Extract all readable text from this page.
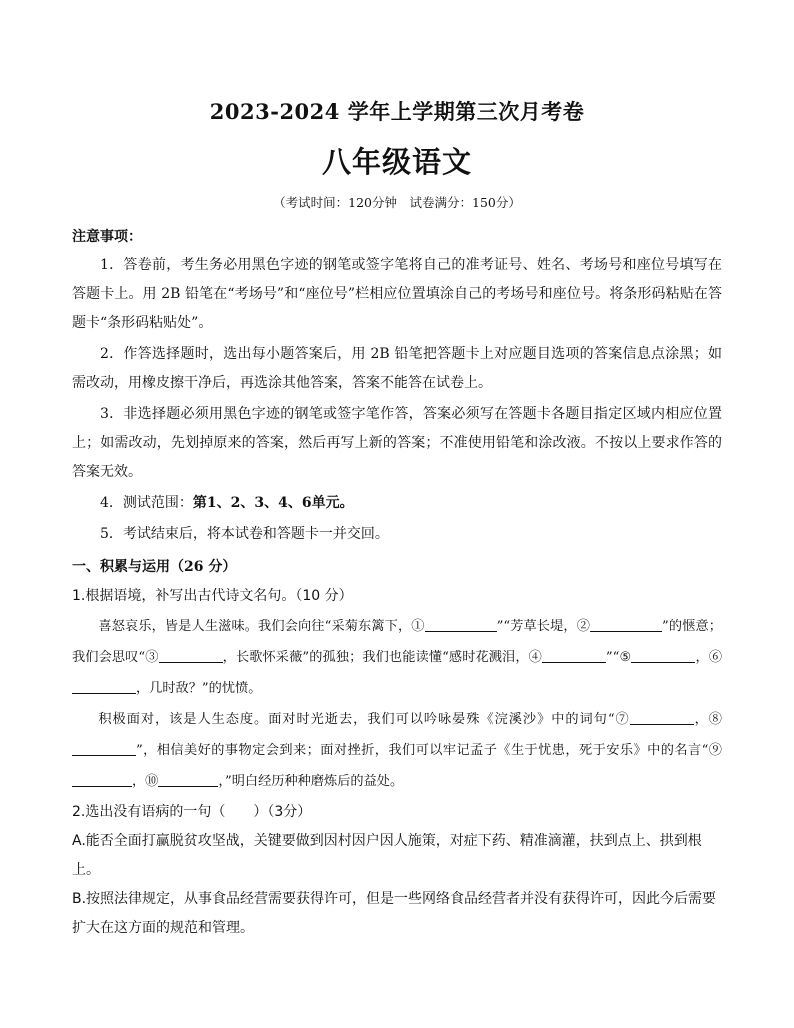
2023-2024 学年上学期第三次月考卷
八年级语文
（考试时间：120分钟　试卷满分：150分）

注意事项：

1．答卷前，考生务必用黑色字迹的钢笔或签字笔将自己的准考证号、姓名、考场号和座位号填写在答题卡上。用 2B 铅笔在“考场号”和“座位号”栏相应位置填涂自己的考场号和座位号。将条形码粘贴在答题卡“条形码粘贴处”。

2．作答选择题时，选出每小题答案后，用 2B 铅笔把答题卡上对应题目选项的答案信息点涂黑；如需改动，用橡皮擦干净后，再选涂其他答案，答案不能答在试卷上。

3．非选择题必须用黑色字迹的钢笔或签字笔作答，答案必须写在答题卡各题目指定区域内相应位置上；如需改动，先划掉原来的答案，然后再写上新的答案；不准使用铅笔和涂改液。不按以上要求作答的答案无效。

4．测试范围：第1、2、3、4、6单元。

5．考试结束后，将本试卷和答题卡一并交回。

一、积累与运用（26 分）

1.根据语境，补写出古代诗文名句。（10 分）

喜怒哀乐，皆是人生滋味。我们会向往“采菊东篱下，①	”“芳草长堤，②	”的惬意；我们会思叹“③	，长歌怀采薇”的孤独；我们也能读懂“感时花溅泪，④	”“⑤	，⑥，几时敌？”的忧愤。

积极面对，该是人生态度。面对时光逝去，我们可以吟咏晏殊《浣溪沙》中的词句“⑦	，⑧”，相信美好的事物定会到来；面对挫折，我们可以牢记孟子《生于忧患，死于安乐》中的名言“⑨，⑩	，”明白经历种种磨炼后的益处。

2.选出没有语病的一句（　　）（3分）

A.能否全面打赢脱贫攻坚战，关键要做到因村因户因人施策，对症下药、精准滴灌，扶到点上、拱到根上。

B.按照法律规定，从事食品经营需要获得许可，但是一些网络食品经营者并没有获得许可，因此今后需要扩大在这方面的规范和管理。
